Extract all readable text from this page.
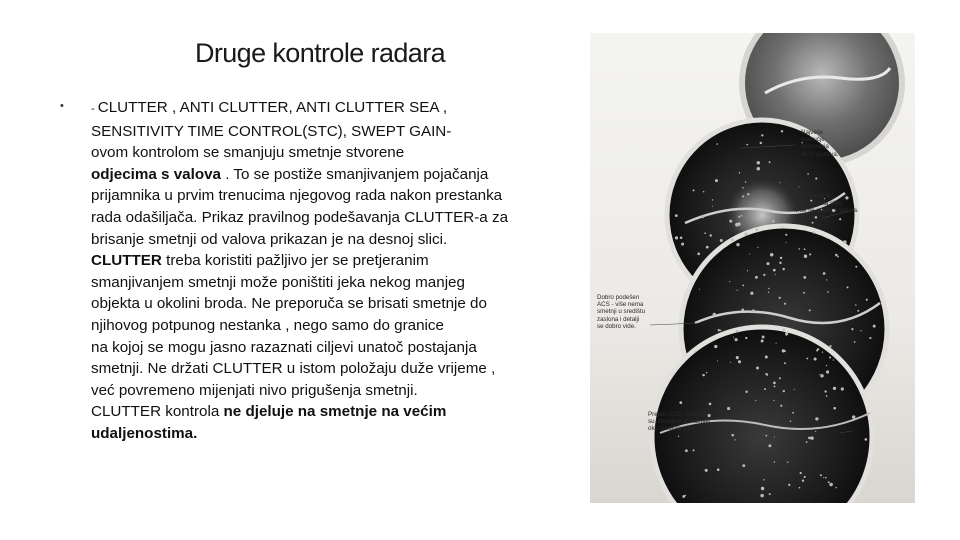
Druge kontrole radara
• - CLUTTER , ANTI CLUTTER, ANTI CLUTTER SEA ,
SENSITIVITY TIME CONTROL(STC), SWEPT GAIN-
ovom kontrolom se smanjuju smetnje stvorene
odjecima s valova . To se postiže smanjivanjem pojačanja
prijamnika u prvim trenucima njegovog rada nakon prestanka
rada odašiljača. Prikaz pravilnog podešavanja CLUTTER-a za
brisanje smetnji od valova prikazan je na desnoj slici.
CLUTTER treba koristiti pažljivo jer se pretjeranim
smanjivanjem smetnji može poništiti jeka nekog manjeg
objekta u okolini broda. Ne preporuča se brisati smetnje do
njihovog potpunog nestanka , nego samo do granice
na kojoj se mogu jasno razaznati ciljevi unatoč postajanja
smetnji. Ne držati CLUTTER u istom položaju duže vrijeme ,
već povremeno mijenjati nivo prigušenja smetnji.
CLUTTER kontrola ne djeluje na smetnje na većim
udaljenostima.
Najveće
područje
djelovanja
ACS sustava.
Premali ACS -
oko središta slike
vide se odjeci s valova.
Dobro podešen
ACS - više nema
smetnji u središtu
zaslona i detalji
se dobro vide.
Prejaki ACS - smetnje
su izbrisane ali i detalji
oko središta slike.
